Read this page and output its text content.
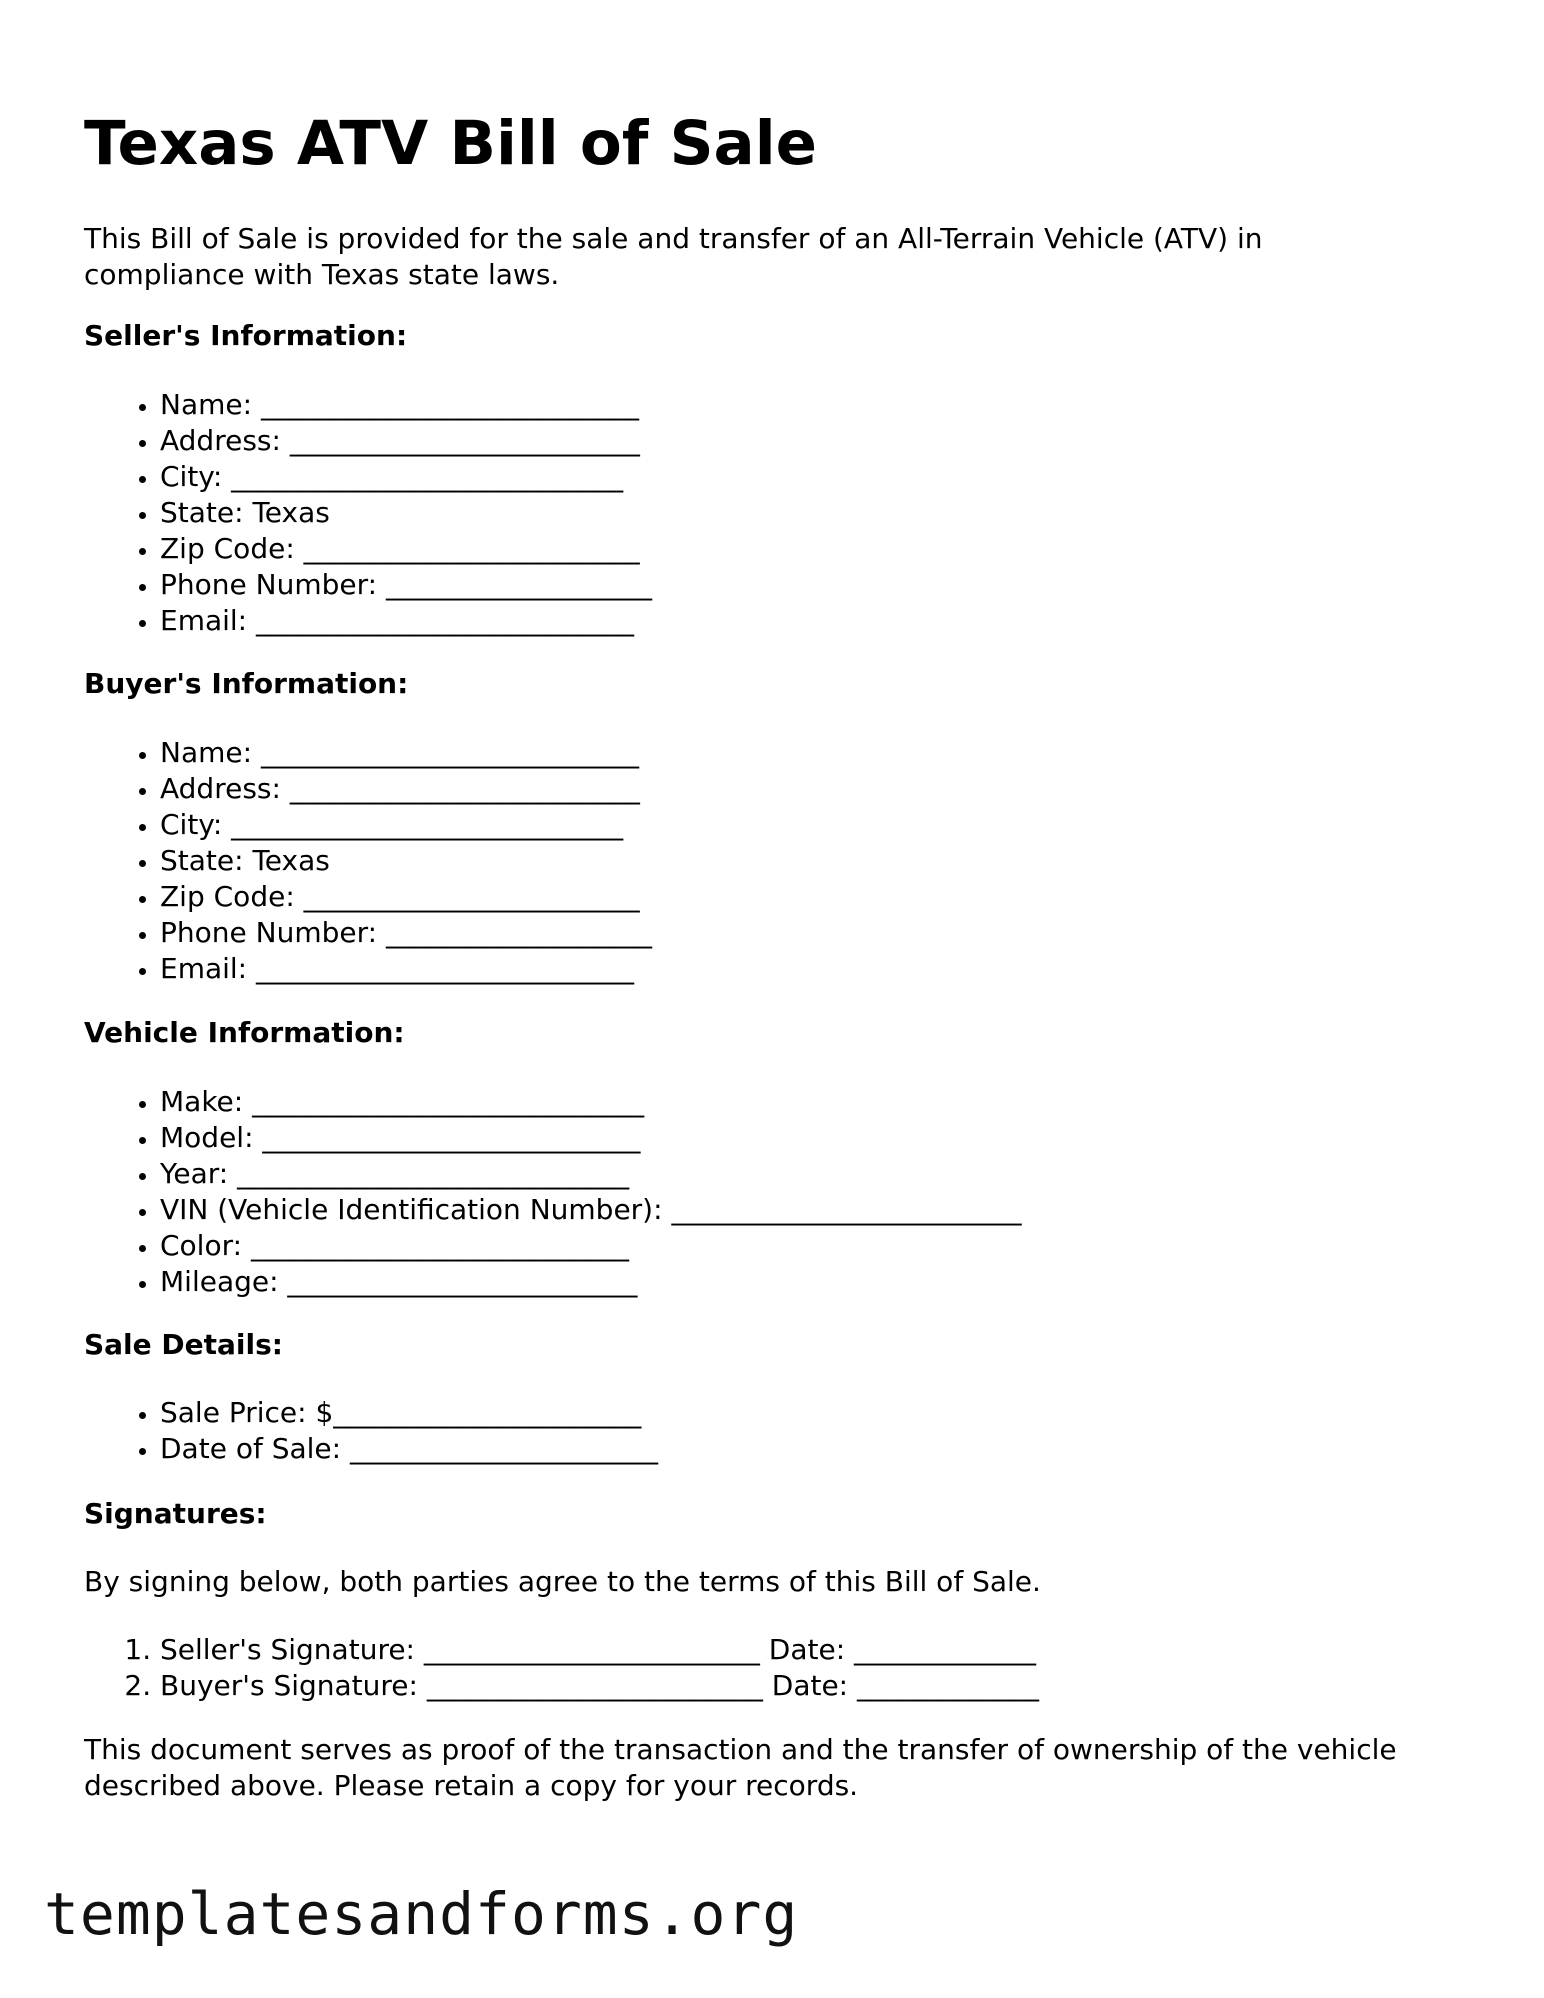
Texas ATV Bill of Sale

This Bill of Sale is provided for the sale and transfer of an All-Terrain Vehicle (ATV) in compliance with Texas state laws.

Seller's Information:
• Name: ___________________________
• Address: _________________________
• City: ____________________________
• State: Texas
• Zip Code: ________________________
• Phone Number: ___________________
• Email: ___________________________
Buyer's Information:
• Name: ___________________________
• Address: _________________________
• City: ____________________________
• State: Texas
• Zip Code: ________________________
• Phone Number: ___________________
• Email: ___________________________
Vehicle Information:
• Make: ____________________________
• Model: ___________________________
• Year: ____________________________
• VIN (Vehicle Identification Number): _________________________
• Color: ___________________________
• Mileage: _________________________
Sale Details:
• Sale Price: $______________________
• Date of Sale: ______________________
Signatures:

By signing below, both parties agree to the terms of this Bill of Sale.

1. Seller's Signature: ________________________ Date: _____________
2. Buyer's Signature: ________________________ Date: _____________

This document serves as proof of the transaction and the transfer of ownership of the vehicle described above. Please retain a copy for your records.

templatesandforms.org
